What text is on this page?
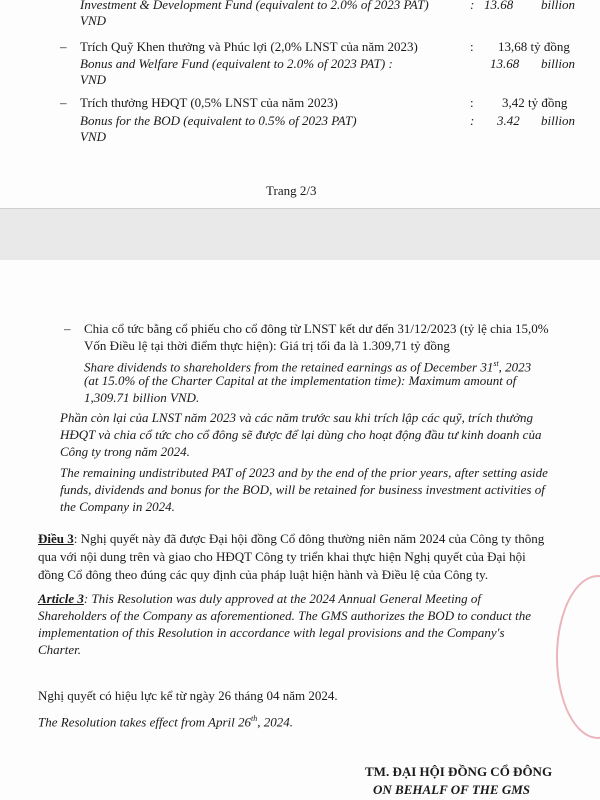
Investment & Development Fund (equivalent to 2.0% of 2023 PAT)	: 13.68 billion
VND
– Trích Quỹ Khen thưởng và Phúc lợi (2,0% LNST của năm 2023)	: 13,68 tỷ đồng
Bonus and Welfare Fund (equivalent to 2.0% of 2023 PAT) :	13.68 billion
VND
– Trích thưởng HĐQT (0,5% LNST của năm 2023)	: 3,42 tỷ đồng
Bonus for the BOD (equivalent to 0.5% of 2023 PAT)	: 3.42 billion
VND
Trang 2/3
– Chia cổ tức bằng cổ phiếu cho cổ đông từ LNST kết dư đến 31/12/2023 (tỷ lệ chia 15,0%
Vốn Điều lệ tại thời điểm thực hiện): Giá trị tối đa là 1.309,71 tỷ đồng
Share dividends to shareholders from the retained earnings as of December 31st, 2023
(at 15.0% of the Charter Capital at the implementation time): Maximum amount of
1,309.71 billion VND.
Phần còn lại của LNST năm 2023 và các năm trước sau khi trích lập các quỹ, trích thưởng
HĐQT và chia cổ tức cho cổ đông sẽ được để lại dùng cho hoạt động đầu tư kinh doanh của
Công ty trong năm 2024.
The remaining undistributed PAT of 2023 and by the end of the prior years, after setting aside
funds, dividends and bonus for the BOD, will be retained for business investment activities of
the Company in 2024.
Điều 3: Nghị quyết này đã được Đại hội đồng Cổ đông thường niên năm 2024 của Công ty thông
qua với nội dung trên và giao cho HĐQT Công ty triển khai thực hiện Nghị quyết của Đại hội
đồng Cổ đông theo đúng các quy định của pháp luật hiện hành và Điều lệ của Công ty.
Article 3: This Resolution was duly approved at the 2024 Annual General Meeting of
Shareholders of the Company as aforementioned. The GMS authorizes the BOD to conduct the
implementation of this Resolution in accordance with legal provisions and the Company's
Charter.
Nghị quyết có hiệu lực kể từ ngày 26 tháng 04 năm 2024.
The Resolution takes effect from April 26th, 2024.
TM. ĐẠI HỘI ĐỒNG CỔ ĐÔNG
ON BEHALF OF THE GMS
